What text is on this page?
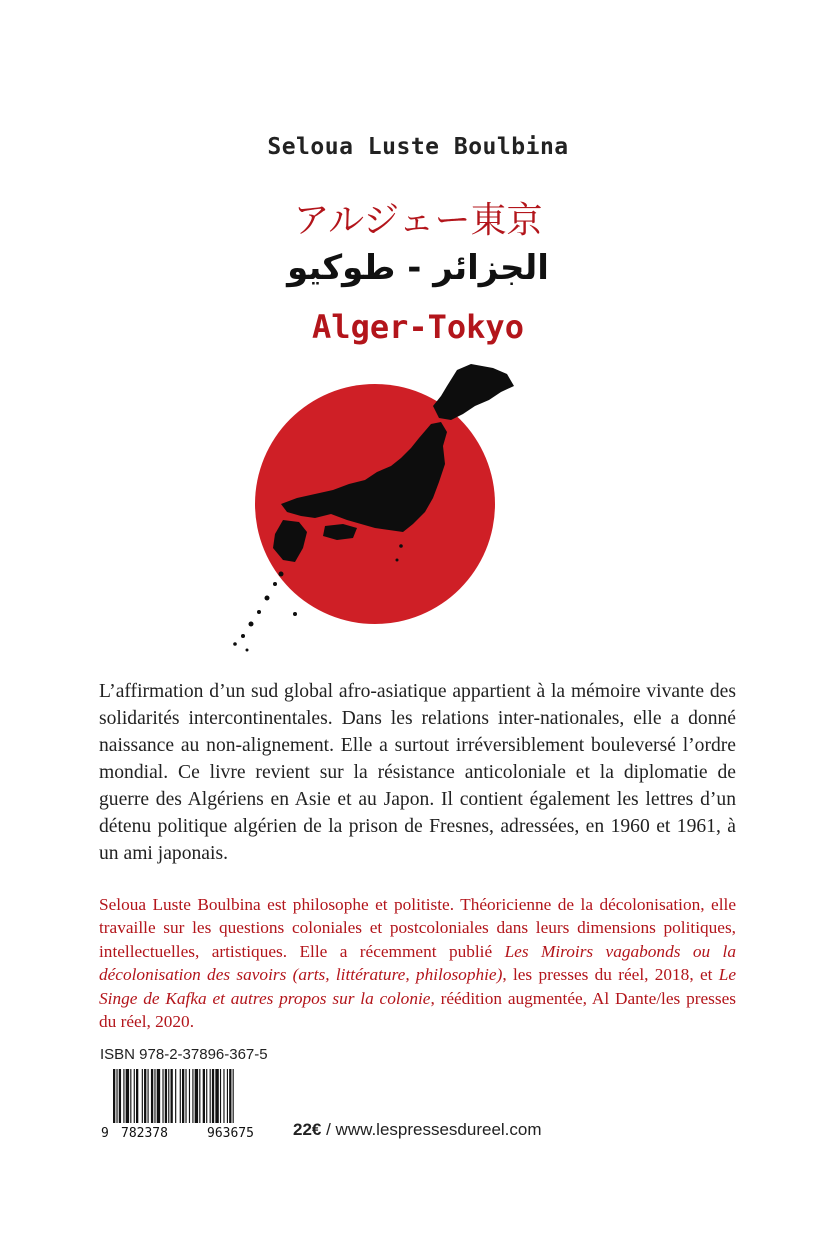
Seloua Luste Boulbina
アルジェー東京
الجزائر - طوكيو
Alger-Tokyo

L’affirmation d’un sud global afro-asiatique appartient à la mémoire vivante des solidarités intercontinentales. Dans les relations inter-nationales, elle a donné naissance au non-alignement. Elle a surtout irréversiblement bouleversé l’ordre mondial. Ce livre revient sur la résistance anticoloniale et la diplomatie de guerre des Algériens en Asie et au Japon. Il contient également les lettres d’un détenu politique algérien de la prison de Fresnes, adressées, en 1960 et 1961, à un ami japonais.

Seloua Luste Boulbina est philosophe et politiste. Théoricienne de la décolonisation, elle travaille sur les questions coloniales et postcoloniales dans leurs dimensions politiques, intellectuelles, artistiques. Elle a récemment publié Les Miroirs vagabonds ou la décolonisation des savoirs (arts, littérature, philosophie), les presses du réel, 2018, et Le Singe de Kafka et autres propos sur la colonie, réédition augmentée, Al Dante/les presses du réel, 2020.

ISBN 978-2-37896-367-5
9 782378	963675 22€ / www.lespressesdureel.com
